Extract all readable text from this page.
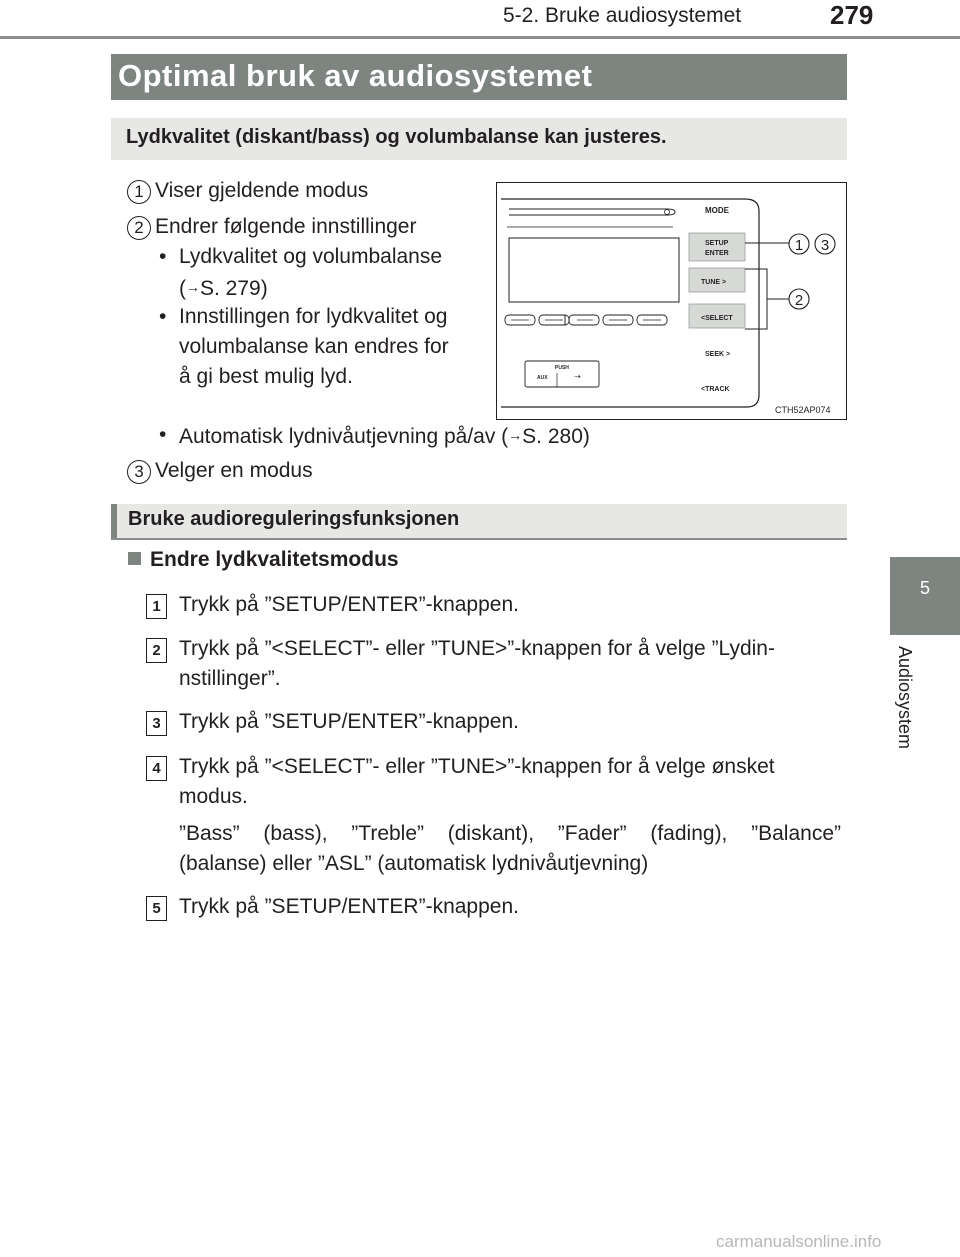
5-2. Bruke audiosystemet	279
Optimal bruk av audiosystemet
Lydkvalitet (diskant/bass) og volumbalanse kan justeres.
1 Viser gjeldende modus
2 Endrer følgende innstillinger
• Lydkvalitet og volumbalanse
(→S. 279)
• Innstillingen for lydkvalitet og
volumbalanse kan endres for
å gi best mulig lyd.
• Automatisk lydnivåutjevning på/av (→S. 280)
3 Velger en modus
PUSH
AUX	⇢
MODE
SETUP
ENTER
TUNE >
<SELECT
SEEK >
<TRACK
1 3
2
CTH52AP074
Bruke audioreguleringsfunksjonen
Endre lydkvalitetsmodus
1 Trykk på ”SETUP/ENTER”-knappen.
2 Trykk på ”<SELECT”- eller ”TUNE>”-knappen for å velge ”Lydin-
nstillinger”.
3 Trykk på ”SETUP/ENTER”-knappen.
4 Trykk på ”<SELECT”- eller ”TUNE>”-knappen for å velge ønsket
modus.
”Bass” (bass), ”Treble” (diskant), ”Fader” (fading), ”Balance”
(balanse) eller ”ASL” (automatisk lydnivåutjevning)
5 Trykk på ”SETUP/ENTER”-knappen.
5
Audiosystem
carmanualsonline.info
